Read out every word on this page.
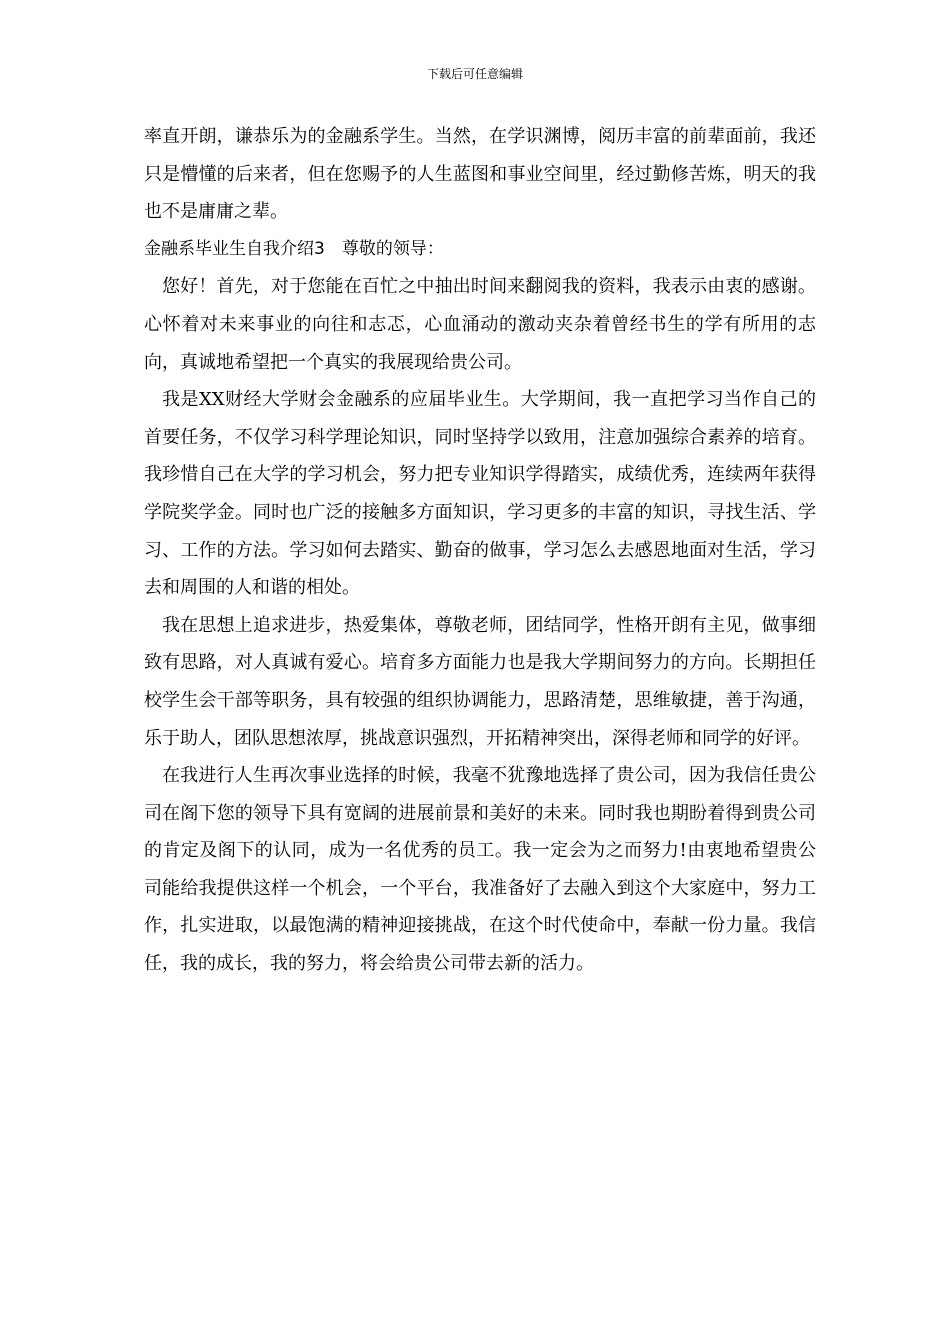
下载后可任意编辑

率直开朗，谦恭乐为的金融系学生。当然，在学识渊博，阅历丰富的前辈面前，我还只是懵懂的后来者，但在您赐予的人生蓝图和事业空间里，经过勤修苦炼，明天的我也不是庸庸之辈。

金融系毕业生自我介绍3　尊敬的领导：

您好！首先，对于您能在百忙之中抽出时间来翻阅我的资料，我表示由衷的感谢。心怀着对未来事业的向往和志忑，心血涌动的激动夹杂着曾经书生的学有所用的志向，真诚地希望把一个真实的我展现给贵公司。

我是XX财经大学财会金融系的应届毕业生。大学期间，我一直把学习当作自己的首要任务，不仅学习科学理论知识，同时坚持学以致用，注意加强综合素养的培育。我珍惜自己在大学的学习机会，努力把专业知识学得踏实，成绩优秀，连续两年获得学院奖学金。同时也广泛的接触多方面知识，学习更多的丰富的知识，寻找生活、学习、工作的方法。学习如何去踏实、勤奋的做事，学习怎么去感恩地面对生活，学习去和周围的人和谐的相处。

我在思想上追求进步，热爱集体，尊敬老师，团结同学，性格开朗有主见，做事细致有思路，对人真诚有爱心。培育多方面能力也是我大学期间努力的方向。长期担任校学生会干部等职务，具有较强的组织协调能力，思路清楚，思维敏捷，善于沟通，乐于助人，团队思想浓厚，挑战意识强烈，开拓精神突出，深得老师和同学的好评。

在我进行人生再次事业选择的时候，我毫不犹豫地选择了贵公司，因为我信任贵公司在阁下您的领导下具有宽阔的进展前景和美好的未来。同时我也期盼着得到贵公司的肯定及阁下的认同，成为一名优秀的员工。我一定会为之而努力!由衷地希望贵公司能给我提供这样一个机会，一个平台，我准备好了去融入到这个大家庭中，努力工作，扎实进取，以最饱满的精神迎接挑战，在这个时代使命中，奉献一份力量。我信任，我的成长，我的努力，将会给贵公司带去新的活力。
